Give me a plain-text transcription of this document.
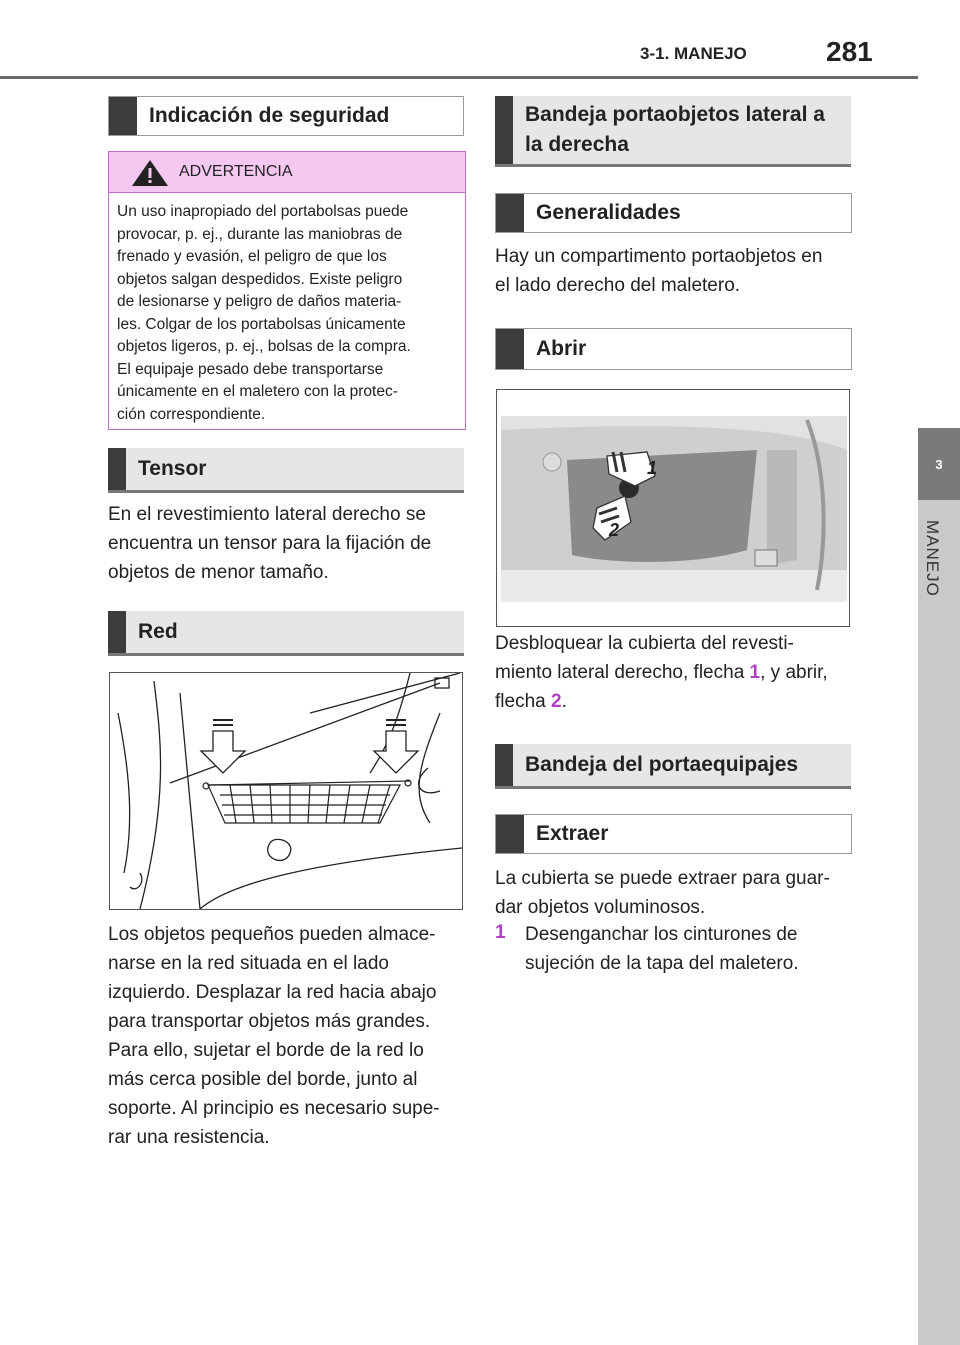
3-1. MANEJO	281
3
MANEJO
Indicación de seguridad
ADVERTENCIA
Un uso inapropiado del portabolsas puede
provocar, p. ej., durante las maniobras de
frenado y evasión, el peligro de que los
objetos salgan despedidos. Existe peligro
de lesionarse y peligro de daños materia-
les. Colgar de los portabolsas únicamente
objetos ligeros, p. ej., bolsas de la compra.
El equipaje pesado debe transportarse
únicamente en el maletero con la protec-
ción correspondiente.
Tensor
En el revestimiento lateral derecho se
encuentra un tensor para la fijación de
objetos de menor tamaño.
Red
Los objetos pequeños pueden almace-
narse en la red situada en el lado
izquierdo. Desplazar la red hacia abajo
para transportar objetos más grandes.
Para ello, sujetar el borde de la red lo
más cerca posible del borde, junto al
soporte. Al principio es necesario supe-
rar una resistencia.
Bandeja portaobjetos lateral a
la derecha
Generalidades
Hay un compartimento portaobjetos en
el lado derecho del maletero.
Abrir
1
2
Desbloquear la cubierta del revesti-
miento lateral derecho, flecha 1, y abrir,
flecha 2.
Bandeja del portaequipajes
Extraer
La cubierta se puede extraer para guar-
dar objetos voluminosos.
1 Desenganchar los cinturones de
sujeción de la tapa del maletero.
